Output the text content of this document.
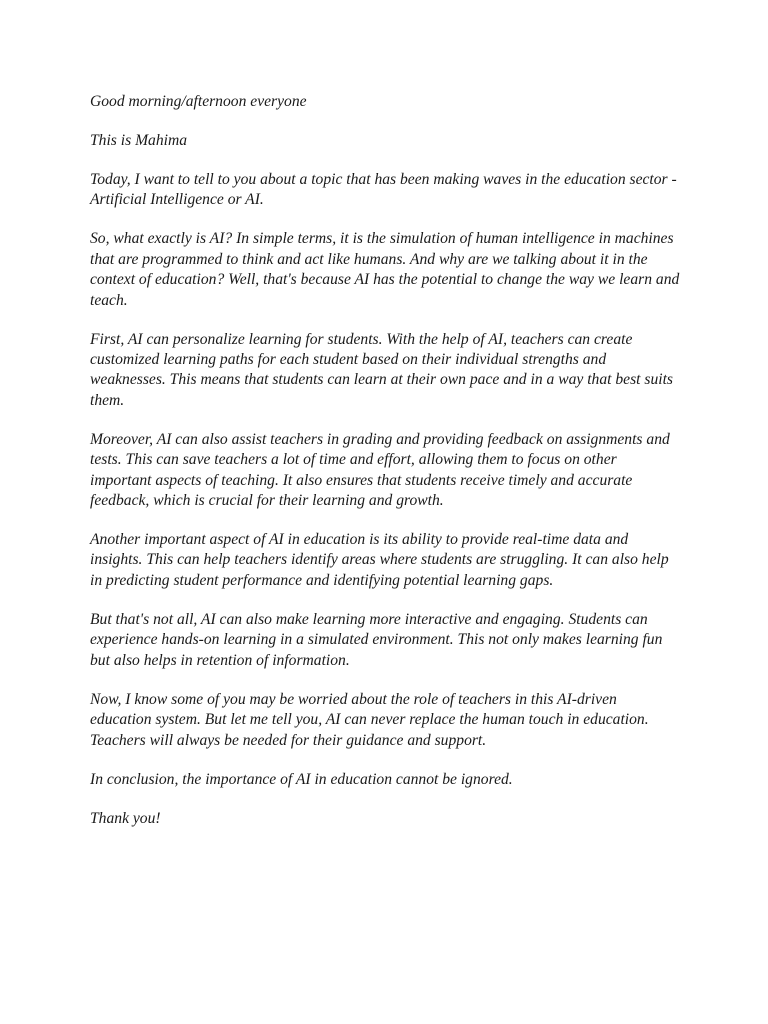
Good morning/afternoon everyone

This is Mahima

Today, I want to tell to you about a topic that has been making waves in the education sector - Artificial Intelligence or AI.

So, what exactly is AI? In simple terms, it is the simulation of human intelligence in machines that are programmed to think and act like humans. And why are we talking about it in the context of education? Well, that's because AI has the potential to change the way we learn and teach.

First, AI can personalize learning for students. With the help of AI, teachers can create customized learning paths for each student based on their individual strengths and weaknesses. This means that students can learn at their own pace and in a way that best suits them.

Moreover, AI can also assist teachers in grading and providing feedback on assignments and tests. This can save teachers a lot of time and effort, allowing them to focus on other important aspects of teaching. It also ensures that students receive timely and accurate feedback, which is crucial for their learning and growth.

Another important aspect of AI in education is its ability to provide real-time data and insights. This can help teachers identify areas where students are struggling. It can also help in predicting student performance and identifying potential learning gaps.

But that's not all, AI can also make learning more interactive and engaging. Students can experience hands-on learning in a simulated environment. This not only makes learning fun but also helps in retention of information.

Now, I know some of you may be worried about the role of teachers in this AI-driven education system. But let me tell you, AI can never replace the human touch in education. Teachers will always be needed for their guidance and support.

In conclusion, the importance of AI in education cannot be ignored.

Thank you!
